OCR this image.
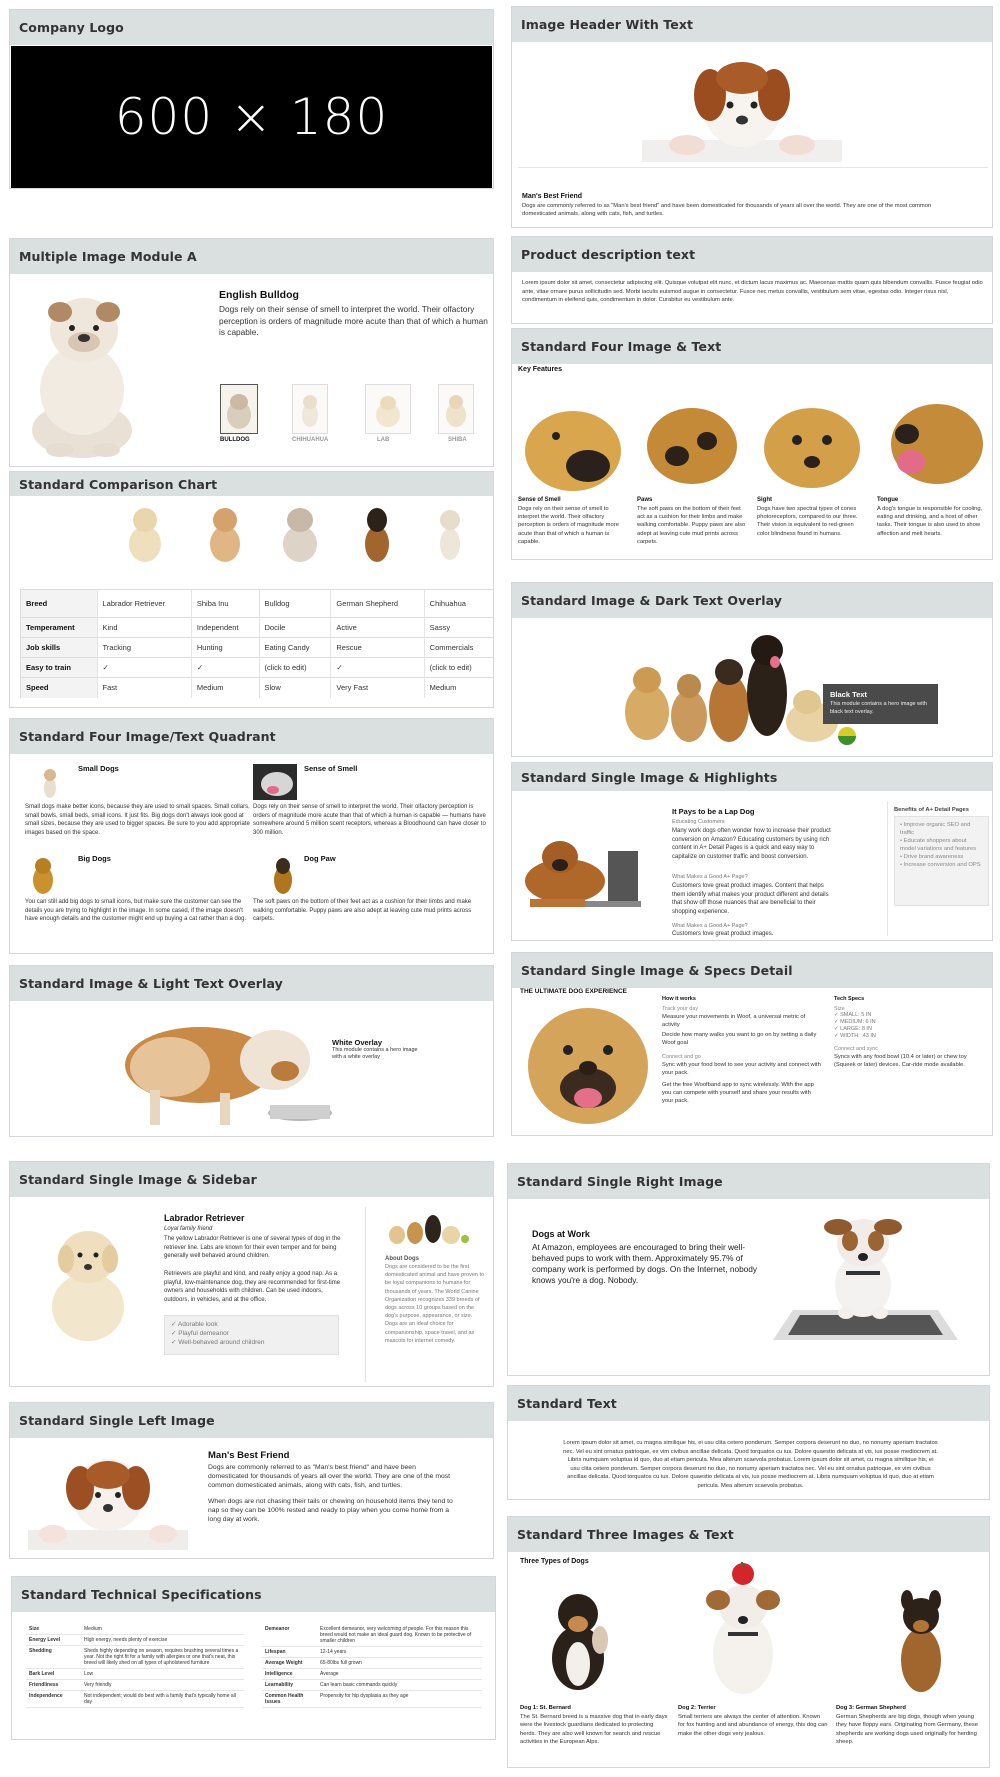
Company Logo
600 × 180
Multiple Image Module A
English Bulldog
Dogs rely on their sense of smell to interpret the world. Their olfactory perception is orders of magnitude more acute than that of which a human is capable.
BULLDOG	CHIHUAHUA	LAB	SHIBA
Standard Comparison Chart
Breed	Labrador Retriever	Shiba Inu	Bulldog	German Shepherd	Chihuahua
Temperament	Kind	Independent	Docile	Active	Sassy
Job skills	Tracking	Hunting	Eating Candy	Rescue	Commercials
Easy to train	✓	✓	(click to edit)	✓	(click to edit)
Speed	Fast	Medium	Slow	Very Fast	Medium
Standard Four Image/Text Quadrant
Small Dogs
Small dogs make better icons, because they are used to small spaces. Small collars, small bowls, small beds, small icons. It just fits. Big dogs don't always look good at small sizes, because they are used to bigger spaces. Be sure to you add appropriate images based on the space.
Sense of Smell
Dogs rely on their sense of smell to interpret the world. Their olfactory perception is orders of magnitude more acute than that of which a human is capable — humans have somewhere around 5 million scent receptors, whereas a Bloodhound can have closer to 300 million.
Big Dogs
You can still add big dogs to small icons, but make sure the customer can see the details you are trying to highlight in the image. In some cased, if the image doesn't have enough details and the customer might end up buying a cat rather than a dog.
Dog Paw
The soft paws on the bottom of their feet act as a cushion for their limbs and make walking comfortable. Puppy paws are also adept at leaving cute mud prints across carpets.
Standard Image & Light Text Overlay
White Overlay
This module contains a hero image with a white overlay
Standard Single Image & Sidebar
Labrador Retriever
Loyal family friend
The yellow Labrador Retriever is one of several types of dog in the retriever line. Labs are known for their even temper and for being generally well behaved around children.
Retrievers are playful and kind, and really enjoy a good nap. As a playful, low-maintenance dog, they are recommended for first-time owners and households with children. Can be used indoors, outdoors, in vehicles, and at the office.
✓ Adorable look
✓ Playful demeanor
✓ Well-behaved around children
About Dogs
Dogs are considered to be the first domesticated animal and have proven to be loyal companions to humans for thousands of years. The World Canine Organization recognizes 339 breeds of dogs across 10 groups based on the dog's purpose, appearance, or size. Dogs are an ideal choice for companionship, space travel, and as mascots for internet comedy.
Standard Single Left Image
Man's Best Friend
Dogs are commonly referred to as "Man's best friend" and have been domesticated for thousands of years all over the world. They are one of the most common domesticated animals, along with cats, fish, and turtles.
When dogs are not chasing their tails or chewing on household items they tend to nap so they can be 100% rested and ready to play when you come home from a long day at work.
Standard Technical Specifications
Size	Medium
Energy Level	High energy, needs plenty of exercise
Shedding	Sheds highly depending on season, requires brushing several times a year. Not the right fit for a family with allergies or one that's neat, this breed will likely shed on all types of upholstered furniture
Bark Level	Low
Friendliness	Very friendly
Independence	Not independent; would do best with a family that's typically home all day
Demeanor	Excellent demeanor, very welcoming of people. For this reason this breed would not make an ideal guard dog. Known to be protective of smaller children
Lifespan	12-14 years
Average Weight	65-80lbs full grown
Intelligence	Average
Learnability	Can learn basic commands quickly
Common Health Issues	Propensity for hip dysplasia as they age
Image Header With Text
Man's Best Friend
Dogs are commonly referred to as "Man's best friend" and have been domesticated for thousands of years all over the world. They are one of the most common domesticated animals, along with cats, fish, and turtles.
Product description text
Lorem ipsum dolor sit amet, consectetur adipiscing elit. Quisque volutpat elit nunc, et dictum lacus maximus ac. Maecenas mattis quam quis bibendum convallis. Fusce feugiat odio ante, vitae ornare purus sollicitudin sed. Morbi iaculis euismod augue in consectetur. Fusce nec metus convallis, vestibulum sem vitae, egestas odio. Integer risus nisl, condimentum in eleifend quis, condimentum in dolor. Curabitur eu vestibulum ante.
Standard Four Image & Text
Key Features
Sense of Smell
Dogs rely on their sense of smell to interpret the world. Their olfactory perception is orders of magnitude more acute than that of which a human is capable.
Paws
The soft paws on the bottom of their feet act as a cushion for their limbs and make walking comfortable. Puppy paws are also adept at leaving cute mud prints across carpets.
Sight
Dogs have two spectral types of cones photoreceptors, compared to our three. Their vision is equivalent to red-green color blindness found in humans.
Tongue
A dog's tongue is responsible for cooling, eating and drinking, and a host of other tasks. Their tongue is also used to show affection and melt hearts.
Standard Image & Dark Text Overlay
Black Text
This module contains a hero image with black text overlay.
Standard Single Image & Highlights
It Pays to be a Lap Dog
Educating Customers
Many work dogs often wonder how to increase their product conversion on Amazon? Educating customers by using rich content in A+ Detail Pages is a quick and easy way to capitalize on customer traffic and boost conversion.
What Makes a Good A+ Page?
Customers love great product images. Content that helps them identify what makes your product different and details that show off those nuances that are beneficial to their shopping experience.
What Makes a Good A+ Page?
Customers love great product images.
Benefits of A+ Detail Pages
• Improve organic SEO and traffic
• Educate shoppers about model variations and features
• Drive brand awareness
• Increase conversion and OPS
Standard Single Image & Specs Detail
THE ULTIMATE DOG EXPERIENCE
How it works
Track your day
Measure your movements in Woof, a universal metric of activity
Decide how many walks you want to go on by setting a daily Woof goal
Connect and go
Sync with your food bowl to see your activity and connect with your pack.
Get the free Woofband app to sync wirelessly. With the app you can compete with yourself and share your results with your pack.
Tech Specs
Size
✓ SMALL: 5 IN
✓ MEDIUM: 6 IN
✓ LARGE: 8 IN
✓ WIDTH: .43 IN
Connect and sync
Syncs with any food bowl (10.4 or later) or chew toy (Squeek or later) devices. Car-ride mode available.
Standard Single Right Image
Dogs at Work
At Amazon, employees are encouraged to bring their well-behaved pups to work with them. Approximately 95.7% of company work is performed by dogs. On the Internet, nobody knows you're a dog. Nobody.
Standard Text
Lorem ipsum dolor sit amet, cu magna similique his, ei usu clita cetero ponderum. Semper corpora deserunt no duo, no nonumy aperiam tractatos nec. Vel eu sint ornatus patrioque, ex vim civibus ancillae delicata. Quod torquatos cu ius. Dolore quaestio delicata at vis, ius posse mediocrem at. Libris numquam voluptua id quo, duo at etiam pericula. Mea alterum scaevola probatus. Lorem ipsum dolor sit amet, cu magna similique his, ei usu clita cetero ponderum. Semper corpora deserunt no duo, no nonumy aperiam tractatos nec. Vel eu sint ornatus patrioque, ex vim civibus ancillae delicata. Quod torquatos cu ius. Dolore quaestio delicata at vis, ius posse mediocrem at. Libris numquam voluptua id quo, duo at etiam pericula. Mea alterum scaevola probatus.
Standard Three Images & Text
Three Types of Dogs
Dog 1: St. Bernard
The St. Bernard breed is a massive dog that in early days were the livestock guardians dedicated to protecting herds. They are also well known for search and rescue activities in the European Alps.
Dog 2: Terrier
Small terriers are always the center of attention. Known for fox hunting and and abundance of energy, this dog can make the other dogs very jealous.
Dog 3: German Shepherd
German Shepherds are big dogs, though when young they have floppy ears. Originating from Germany, these shepherds are working dogs used originally for herding sheep.
